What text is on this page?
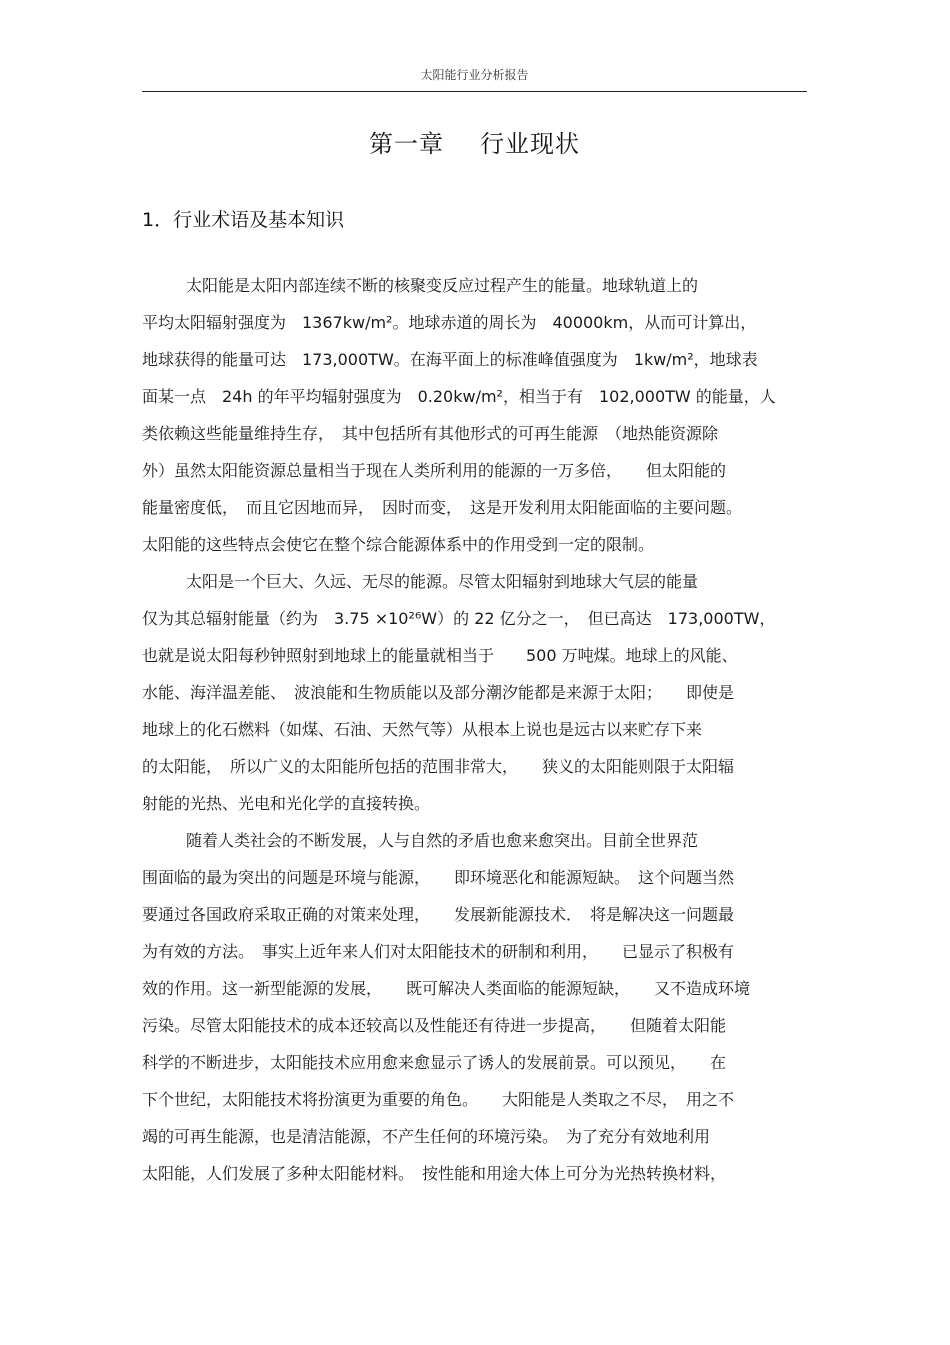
太阳能行业分析报告
第一章 行业现状
1．行业术语及基本知识
太阳能是太阳内部连续不断的核聚变反应过程产生的能量。地球轨道上的
平均太阳辐射强度为　1367kw/m²。地球赤道的周长为　40000km，从而可计算出，
地球获得的能量可达　173,000TW。在海平面上的标准峰值强度为　1kw/m²，地球表
面某一点　24h 的年平均辐射强度为　0.20kw/m²，相当于有　102,000TW 的能量，人
类依赖这些能量维持生存，　其中包括所有其他形式的可再生能源　（地热能资源除
外）虽然太阳能资源总量相当于现在人类所利用的能源的一万多倍，　　但太阳能的
能量密度低，　而且它因地而异，　因时而变，　这是开发利用太阳能面临的主要问题。
太阳能的这些特点会使它在整个综合能源体系中的作用受到一定的限制。
太阳是一个巨大、久远、无尽的能源。尽管太阳辐射到地球大气层的能量
仅为其总辐射能量（约为　3.75 ×10²⁶W）的 22 亿分之一，　但已高达　173,000TW，
也就是说太阳每秒钟照射到地球上的能量就相当于　　500 万吨煤。地球上的风能、
水能、海洋温差能、　波浪能和生物质能以及部分潮汐能都是来源于太阳；　　即使是
地球上的化石燃料（如煤、石油、天然气等）从根本上说也是远古以来贮存下来
的太阳能，　所以广义的太阳能所包括的范围非常大，　　狭义的太阳能则限于太阳辐
射能的光热、光电和光化学的直接转换。
随着人类社会的不断发展，人与自然的矛盾也愈来愈突出。目前全世界范
围面临的最为突出的问题是环境与能源，　　即环境恶化和能源短缺。　这个问题当然
要通过各国政府采取正确的对策来处理，　　发展新能源技术．　将是解决这一问题最
为有效的方法。　事实上近年来人们对太阳能技术的研制和利用，　　已显示了积极有
效的作用。这一新型能源的发展，　　既可解决人类面临的能源短缺，　　又不造成环境
污染。尽管太阳能技术的成本还较高以及性能还有待进一步提高，　　但随着太阳能
科学的不断进步，太阳能技术应用愈来愈显示了诱人的发展前景。可以预见，　　在
下个世纪，太阳能技术将扮演更为重要的角色。　　大阳能是人类取之不尽，　用之不
竭的可再生能源，也是清洁能源，不产生任何的环境污染。　为了充分有效地利用
太阳能，人们发展了多种太阳能材料。　按性能和用途大体上可分为光热转换材料，
